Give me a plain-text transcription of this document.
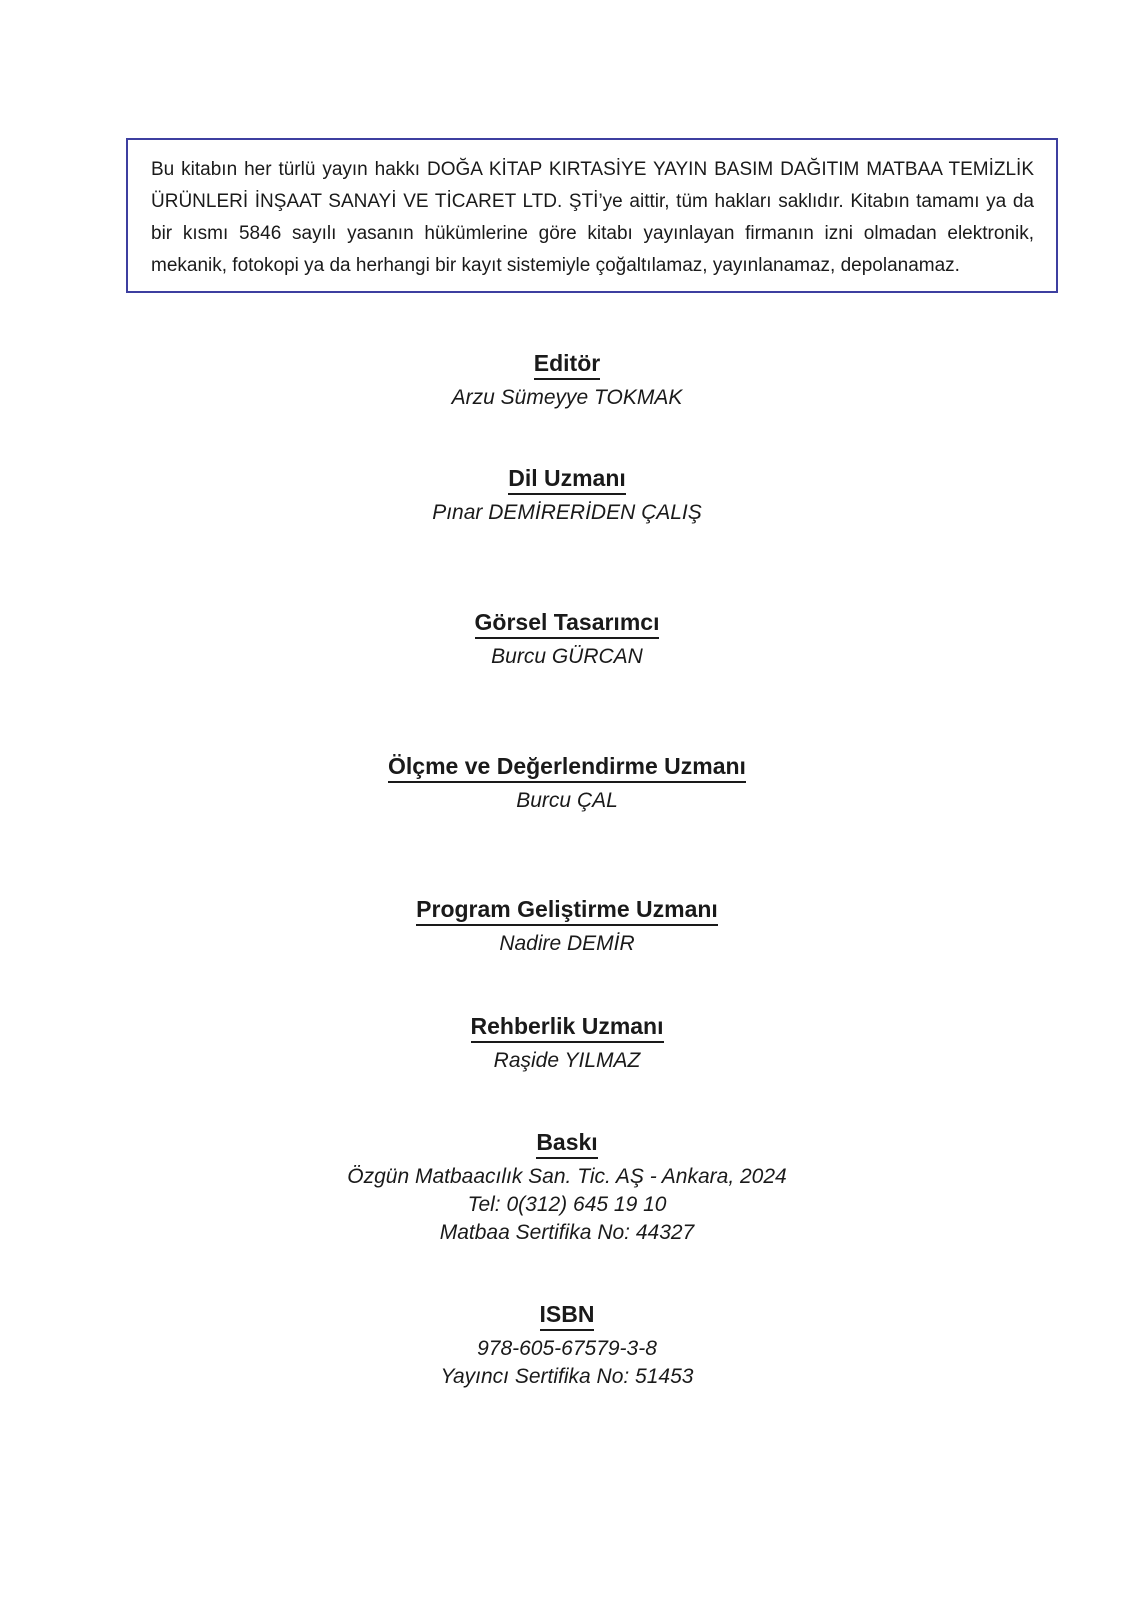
Bu kitabın her türlü yayın hakkı DOĞA KİTAP KIRTASİYE YAYIN BASIM DAĞITIM MATBAA TEMİZLİK ÜRÜNLERİ İNŞAAT SANAYİ VE TİCARET LTD. ŞTİ’ye aittir, tüm hakları saklıdır. Kitabın tamamı ya da bir kısmı 5846 sayılı yasanın hükümlerine göre kitabı yayınlayan firmanın izni olmadan elektronik, mekanik, fotokopi ya da herhangi bir kayıt sistemiyle çoğaltılamaz, yayınlanamaz, depolanamaz.

Editör
Arzu Sümeyye TOKMAK
Dil Uzmanı
Pınar DEMİRERİDEN ÇALIŞ
Görsel Tasarımcı
Burcu GÜRCAN
Ölçme ve Değerlendirme Uzmanı
Burcu ÇAL
Program Geliştirme Uzmanı
Nadire DEMİR
Rehberlik Uzmanı
Raşide YILMAZ
Baskı
Özgün Matbaacılık San. Tic. AŞ - Ankara, 2024
Tel: 0(312) 645 19 10
Matbaa Sertifika No: 44327
ISBN
978-605-67579-3-8
Yayıncı Sertifika No: 51453
